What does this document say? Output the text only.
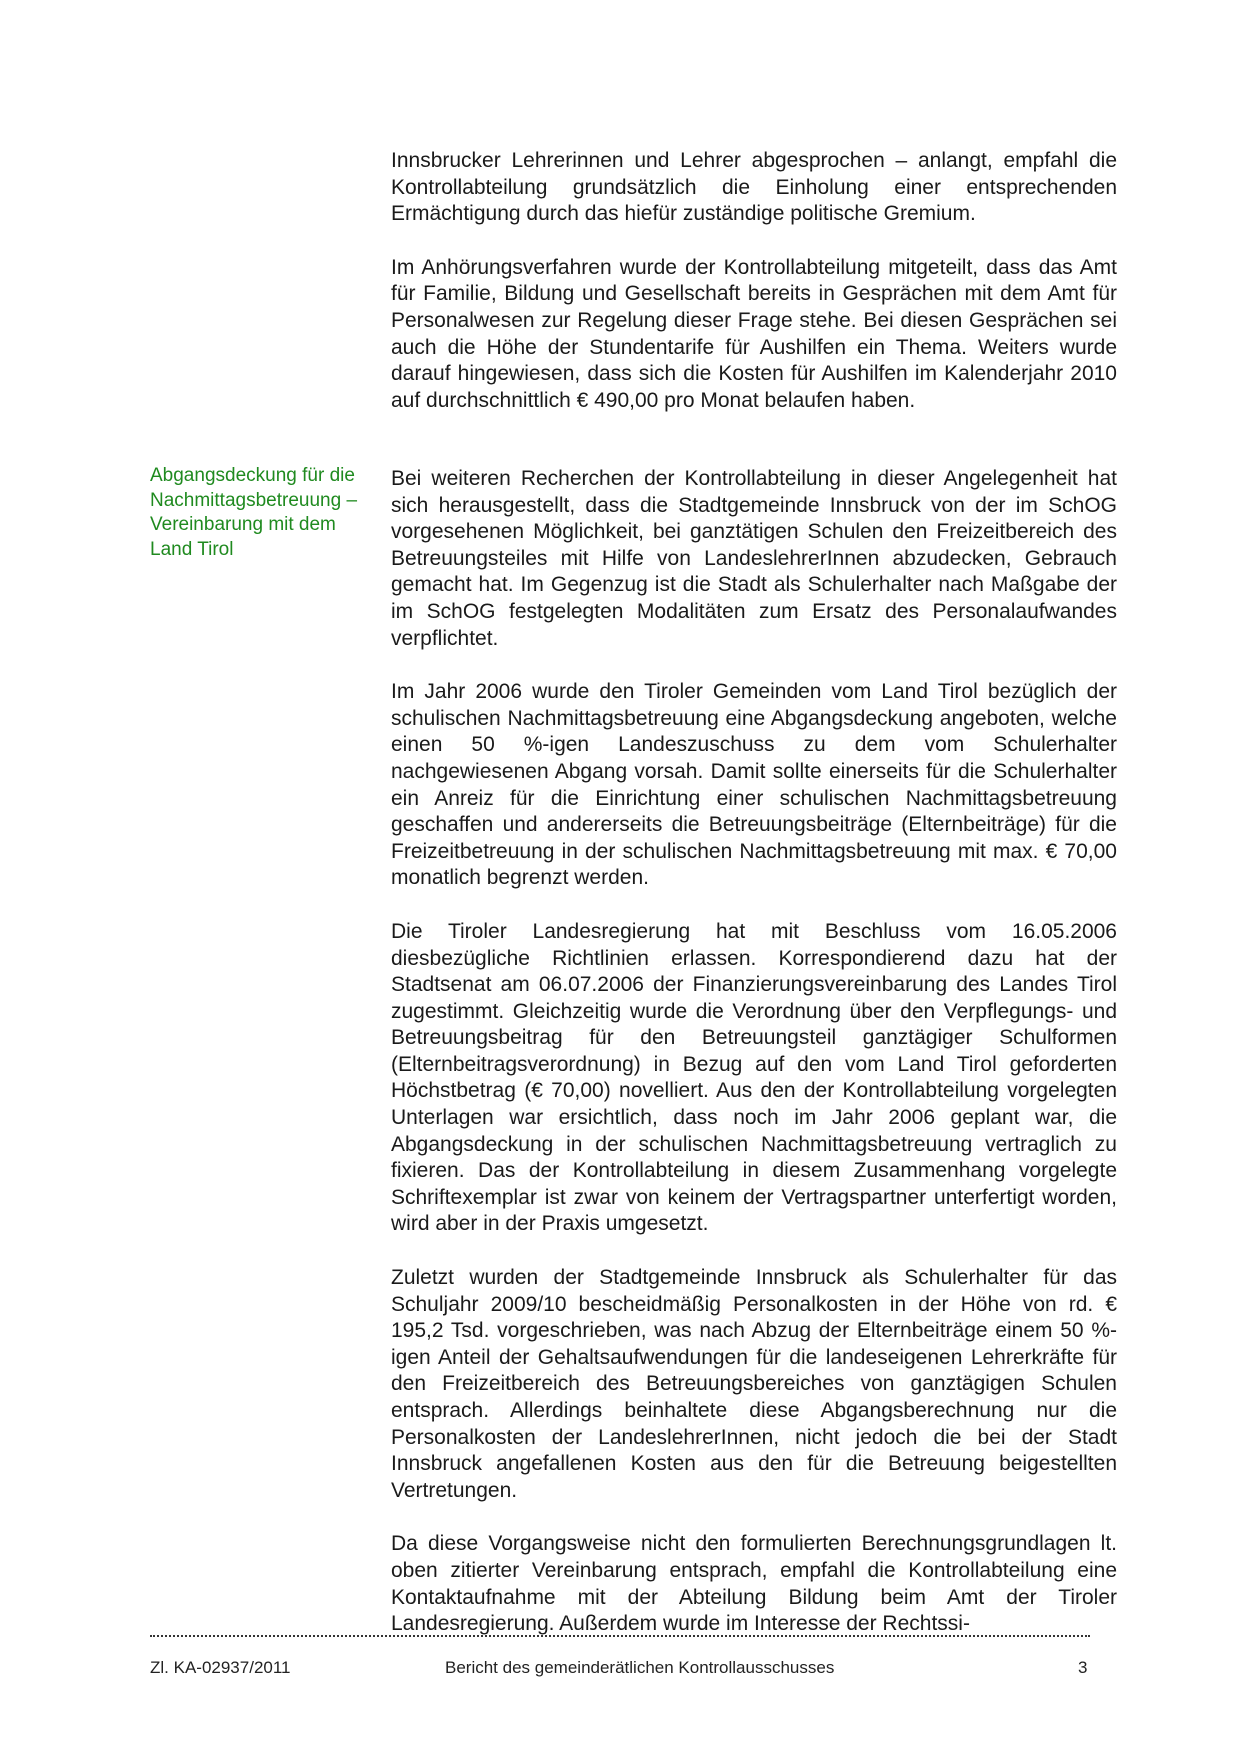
Innsbrucker Lehrerinnen und Lehrer abgesprochen – anlangt, empfahl die Kontrollabteilung grundsätzlich die Einholung einer entsprechenden Ermächtigung durch das hiefür zuständige politische Gremium.

Im Anhörungsverfahren wurde der Kontrollabteilung mitgeteilt, dass das Amt für Familie, Bildung und Gesellschaft bereits in Gesprächen mit dem Amt für Personalwesen zur Regelung dieser Frage stehe. Bei diesen Gesprächen sei auch die Höhe der Stundentarife für Aushilfen ein Thema. Weiters wurde darauf hingewiesen, dass sich die Kosten für Aushilfen im Kalenderjahr 2010 auf durchschnittlich € 490,00 pro Monat belaufen haben.

Abgangsdeckung für die Nachmittagsbetreuung – Vereinbarung mit dem Land Tirol

Bei weiteren Recherchen der Kontrollabteilung in dieser Angelegenheit hat sich herausgestellt, dass die Stadtgemeinde Innsbruck von der im SchOG vorgesehenen Möglichkeit, bei ganztätigen Schulen den Freizeitbereich des Betreuungsteiles mit Hilfe von LandeslehrerInnen abzudecken, Gebrauch gemacht hat. Im Gegenzug ist die Stadt als Schulerhalter nach Maßgabe der im SchOG festgelegten Modalitäten zum Ersatz des Personalaufwandes verpflichtet.

Im Jahr 2006 wurde den Tiroler Gemeinden vom Land Tirol bezüglich der schulischen Nachmittagsbetreuung eine Abgangsdeckung angeboten, welche einen 50 %-igen Landeszuschuss zu dem vom Schulerhalter nachgewiesenen Abgang vorsah. Damit sollte einerseits für die Schulerhalter ein Anreiz für die Einrichtung einer schulischen Nachmittagsbetreuung geschaffen und andererseits die Betreuungsbeiträge (Elternbeiträge) für die Freizeitbetreuung in der schulischen Nachmittagsbetreuung mit max. € 70,00 monatlich begrenzt werden.

Die Tiroler Landesregierung hat mit Beschluss vom 16.05.2006 diesbezügliche Richtlinien erlassen. Korrespondierend dazu hat der Stadtsenat am 06.07.2006 der Finanzierungsvereinbarung des Landes Tirol zugestimmt. Gleichzeitig wurde die Verordnung über den Verpflegungs- und Betreuungsbeitrag für den Betreuungsteil ganztägiger Schulformen (Elternbeitragsverordnung) in Bezug auf den vom Land Tirol geforderten Höchstbetrag (€ 70,00) novelliert. Aus den der Kontrollabteilung vorgelegten Unterlagen war ersichtlich, dass noch im Jahr 2006 geplant war, die Abgangsdeckung in der schulischen Nachmittagsbetreuung vertraglich zu fixieren. Das der Kontrollabteilung in diesem Zusammenhang vorgelegte Schriftexemplar ist zwar von keinem der Vertragspartner unterfertigt worden, wird aber in der Praxis umgesetzt.

Zuletzt wurden der Stadtgemeinde Innsbruck als Schulerhalter für das Schuljahr 2009/10 bescheidmäßig Personalkosten in der Höhe von rd. € 195,2 Tsd. vorgeschrieben, was nach Abzug der Elternbeiträge einem 50 %-igen Anteil der Gehaltsaufwendungen für die landeseigenen Lehrerkräfte für den Freizeitbereich des Betreuungsbereiches von ganztägigen Schulen entsprach. Allerdings beinhaltete diese Abgangsberechnung nur die Personalkosten der LandeslehrerInnen, nicht jedoch die bei der Stadt Innsbruck angefallenen Kosten aus den für die Betreuung beigestellten Vertretungen.

Da diese Vorgangsweise nicht den formulierten Berechnungsgrundlagen lt. oben zitierter Vereinbarung entsprach, empfahl die Kontrollabteilung eine Kontaktaufnahme mit der Abteilung Bildung beim Amt der Tiroler Landesregierung. Außerdem wurde im Interesse der Rechtssi-

Zl. KA-02937/2011	Bericht des gemeinderätlichen Kontrollausschusses	3
